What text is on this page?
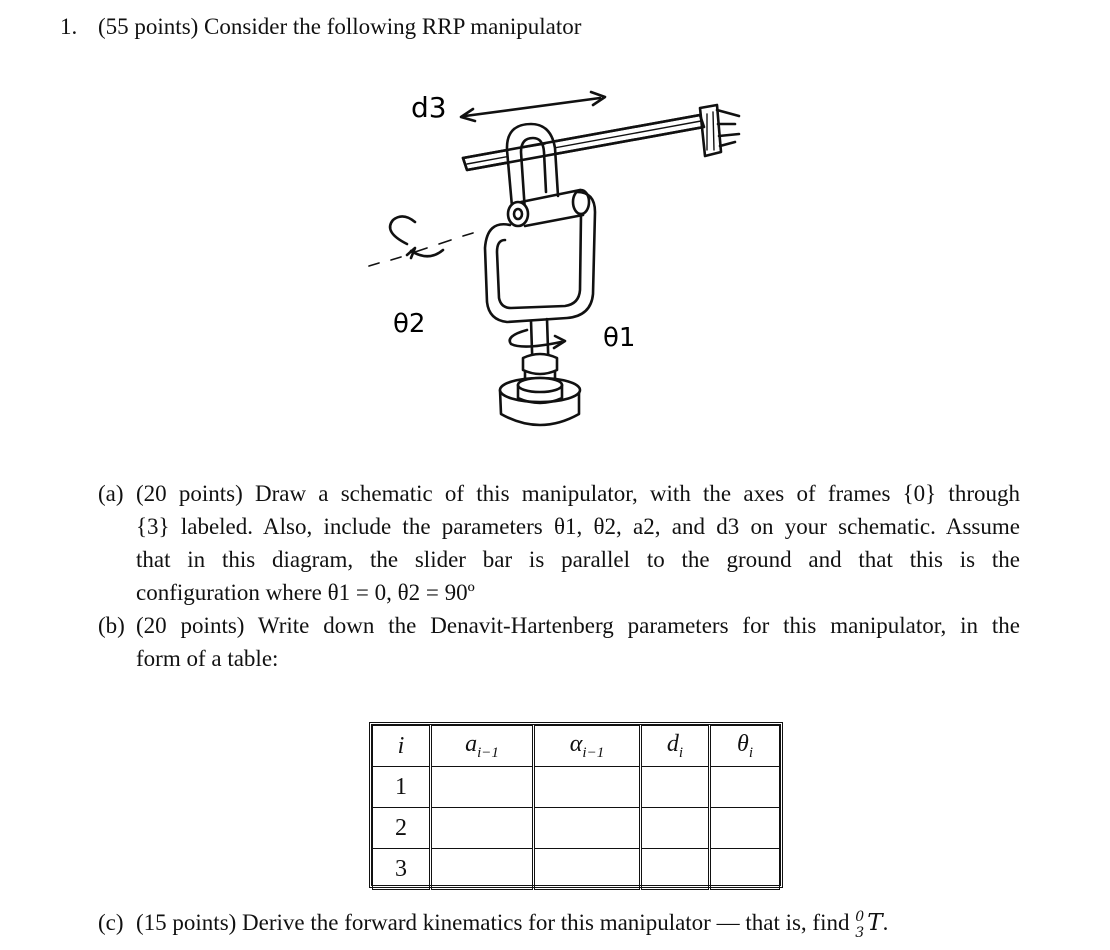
1. (55 points) Consider the following RRP manipulator
d3
θ2	θ1
(a) (20 points) Draw a schematic of this manipulator, with the axes of frames {0} through
{3} labeled. Also, include the parameters θ1, θ2, a2, and d3 on your schematic. Assume
that in this diagram, the slider bar is parallel to the ground and that this is the
configuration where θ1 = 0, θ2 = 90º
(b) (20 points) Write down the Denavit-Hartenberg parameters for this manipulator, in the
form of a table:
i	$a_{i-1}$	$\alpha_{i-1}$	$d_i$	$\theta_i$
1				
2				
3				
(c) (15 points) Derive the forward kinematics for this manipulator — that is, find 0
3 T.
